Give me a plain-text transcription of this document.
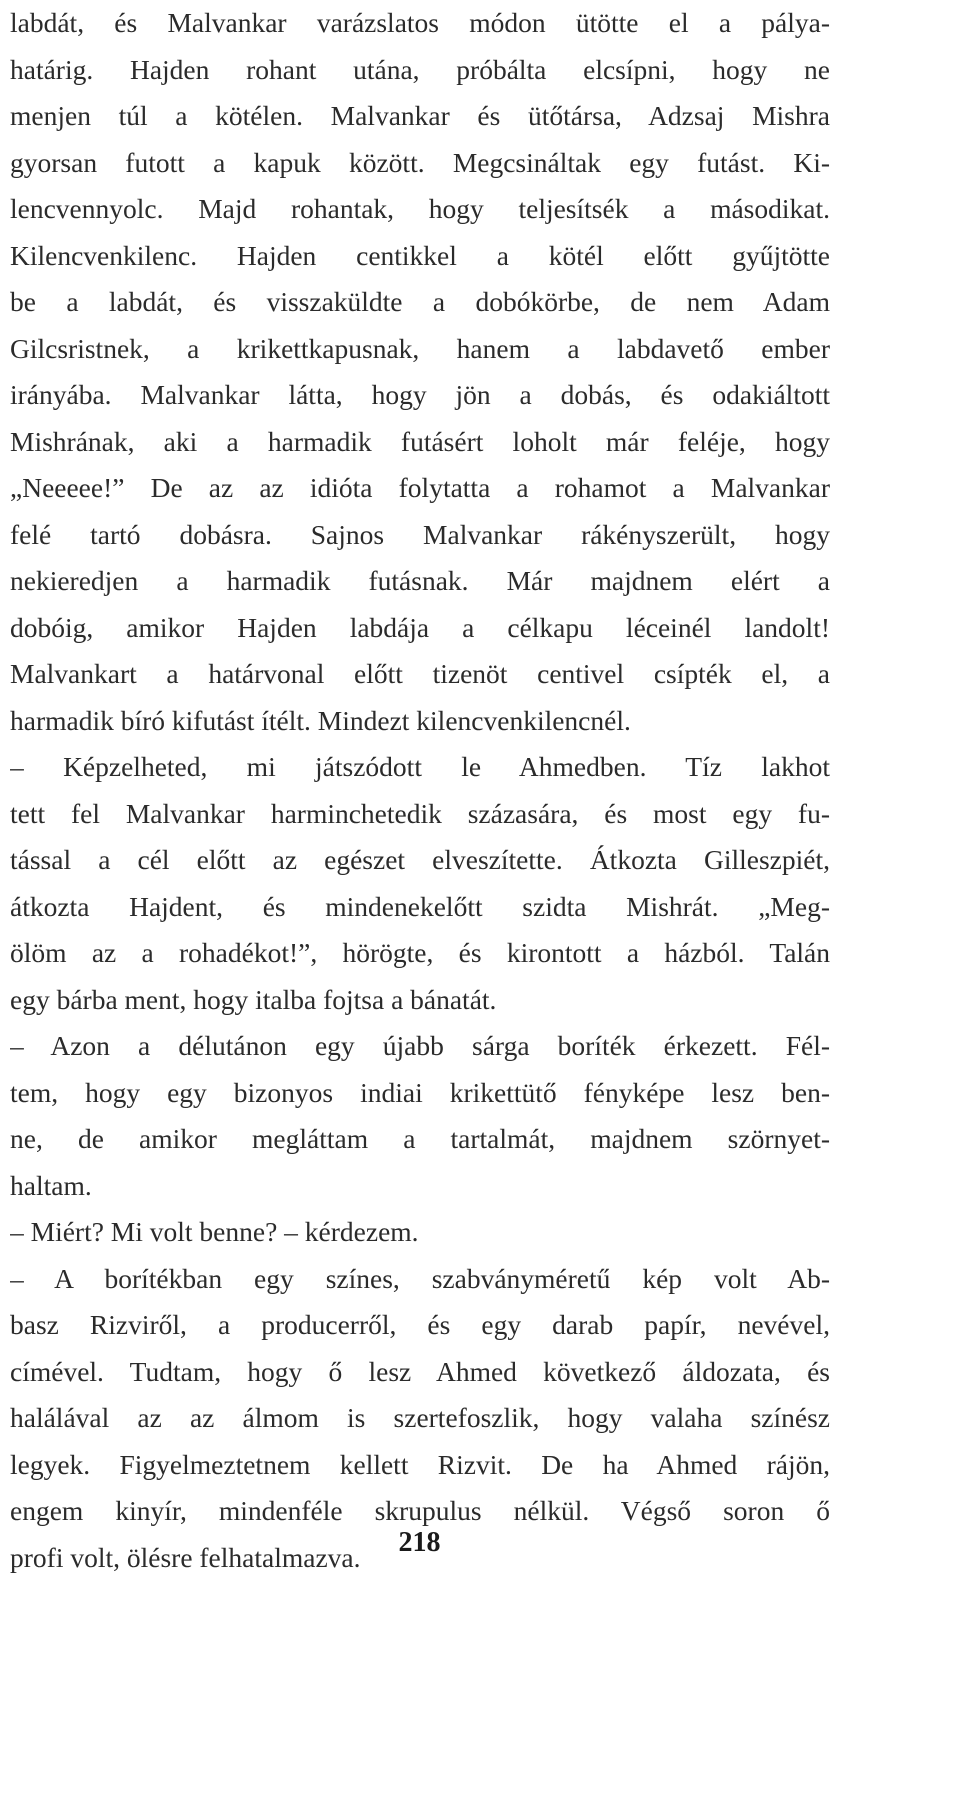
labdát, és Malvankar varázslatos módon ütötte el a pálya-
határig. Hajden rohant utána, próbálta elcsípni, hogy ne
menjen túl a kötélen. Malvankar és ütőtársa, Adzsaj Mishra
gyorsan futott a kapuk között. Megcsináltak egy futást. Ki-
lencvennyolc. Majd rohantak, hogy teljesítsék a másodikat.
Kilencvenkilenc. Hajden centikkel a kötél előtt gyűjtötte
be a labdát, és visszaküldte a dobókörbe, de nem Adam
Gilcsristnek, a krikettkapusnak, hanem a labdavető ember
irányába. Malvankar látta, hogy jön a dobás, és odakiáltott
Mishrának, aki a harmadik futásért loholt már feléje, hogy
„Neeeee!” De az az idióta folytatta a rohamot a Malvankar
felé tartó dobásra. Sajnos Malvankar rákényszerült, hogy
nekieredjen a harmadik futásnak. Már majdnem elért a
dobóig, amikor Hajden labdája a célkapu léceinél landolt!
Malvankart a határvonal előtt tizenöt centivel csípték el, a
harmadik bíró kifutást ítélt. Mindezt kilencvenkilencnél.
– Képzelheted, mi játszódott le Ahmedben. Tíz lakhot
tett fel Malvankar harminchetedik százasára, és most egy fu-
tással a cél előtt az egészet elveszítette. Átkozta Gilleszpiét,
átkozta Hajdent, és mindenekelőtt szidta Mishrát. „Meg-
ölöm az a rohadékot!”, hörögte, és kirontott a házból. Talán
egy bárba ment, hogy italba fojtsa a bánatát.
– Azon a délutánon egy újabb sárga boríték érkezett. Fél-
tem, hogy egy bizonyos indiai krikettütő fényképe lesz ben-
ne, de amikor megláttam a tartalmát, majdnem szörnyet-
haltam.
– Miért? Mi volt benne? – kérdezem.
– A borítékban egy színes, szabványméretű kép volt Ab-
basz Rizviről, a producerről, és egy darab papír, nevével,
címével. Tudtam, hogy ő lesz Ahmed következő áldozata, és
halálával az az álmom is szertefoszlik, hogy valaha színész
legyek. Figyelmeztetnem kellett Rizvit. De ha Ahmed rájön,
engem kinyír, mindenféle skrupulus nélkül. Végső soron ő
profi volt, ölésre felhatalmazva.	218
